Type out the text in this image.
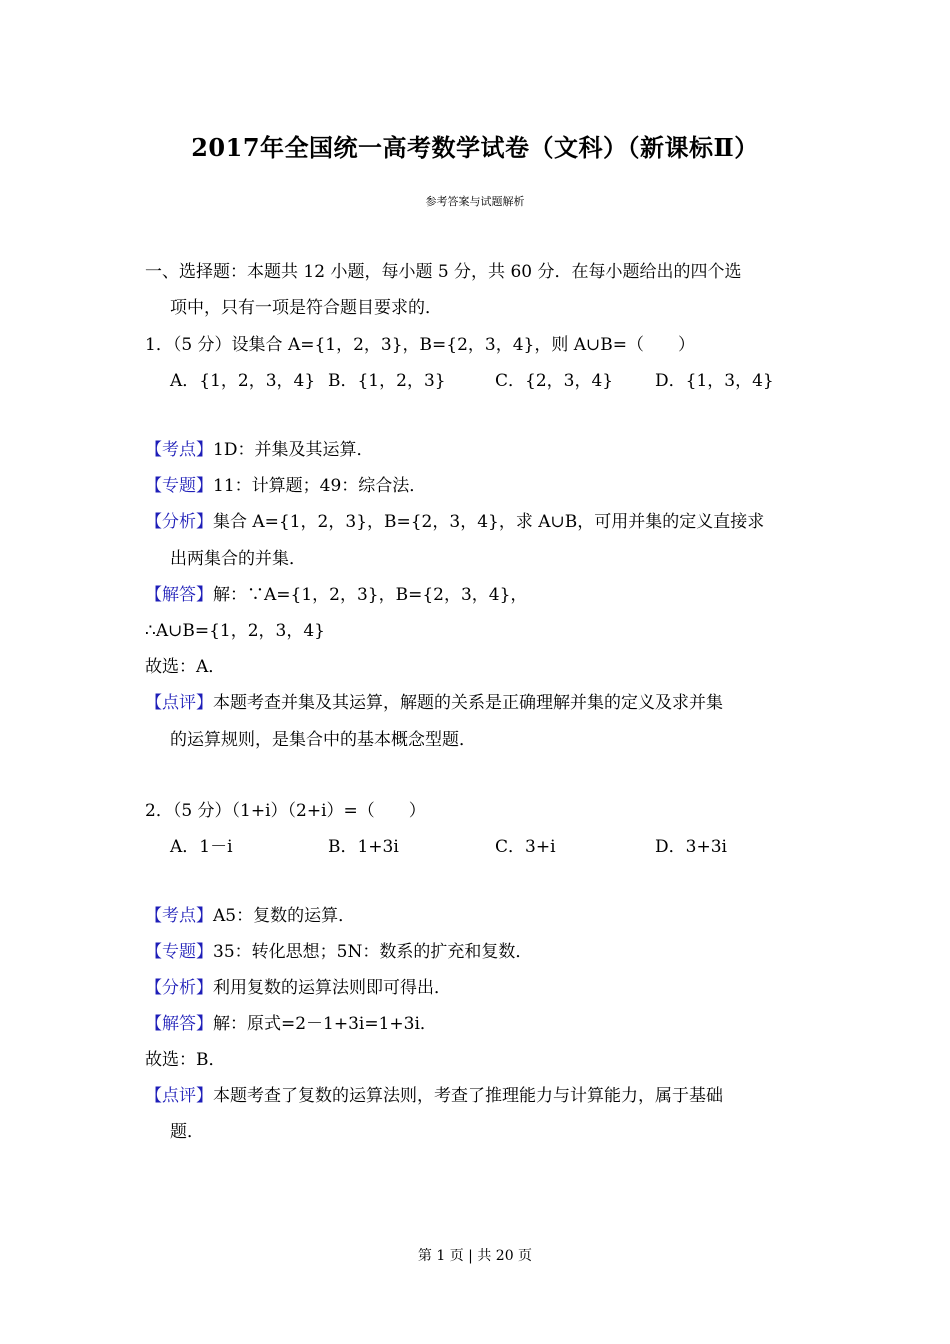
2017年全国统一高考数学试卷（文科）（新课标Ⅱ）
参考答案与试题解析
一、选择题：本题共 12 小题，每小题 5 分，共 60 分．在每小题给出的四个选
项中，只有一项是符合题目要求的．
1．（5 分）设集合 A={1，2，3}，B={2，3，4}，则 A∪B=（　　）
A．{1，2，3，4} B．{1，2，3}	C．{2，3，4} D．{1，3，4}
【考点】1D：并集及其运算．
【专题】11：计算题；49：综合法．
【分析】集合 A={1，2，3}，B={2，3，4}，求 A∪B，可用并集的定义直接求
出两集合的并集．
【解答】解：∵A={1，2，3}，B={2，3，4}，
∴A∪B={1，2，3，4}
故选：A．
【点评】本题考查并集及其运算，解题的关系是正确理解并集的定义及求并集
的运算规则，是集合中的基本概念型题．
2．（5 分）（1+i）（2+i）=（　　）
A．1－i	B．1+3i	C．3+i	D．3+3i
【考点】A5：复数的运算．
【专题】35：转化思想；5N：数系的扩充和复数．
【分析】利用复数的运算法则即可得出．
【解答】解：原式=2－1+3i=1+3i．
故选：B．
【点评】本题考查了复数的运算法则，考查了推理能力与计算能力，属于基础
题．
第 1 页 | 共 20 页
